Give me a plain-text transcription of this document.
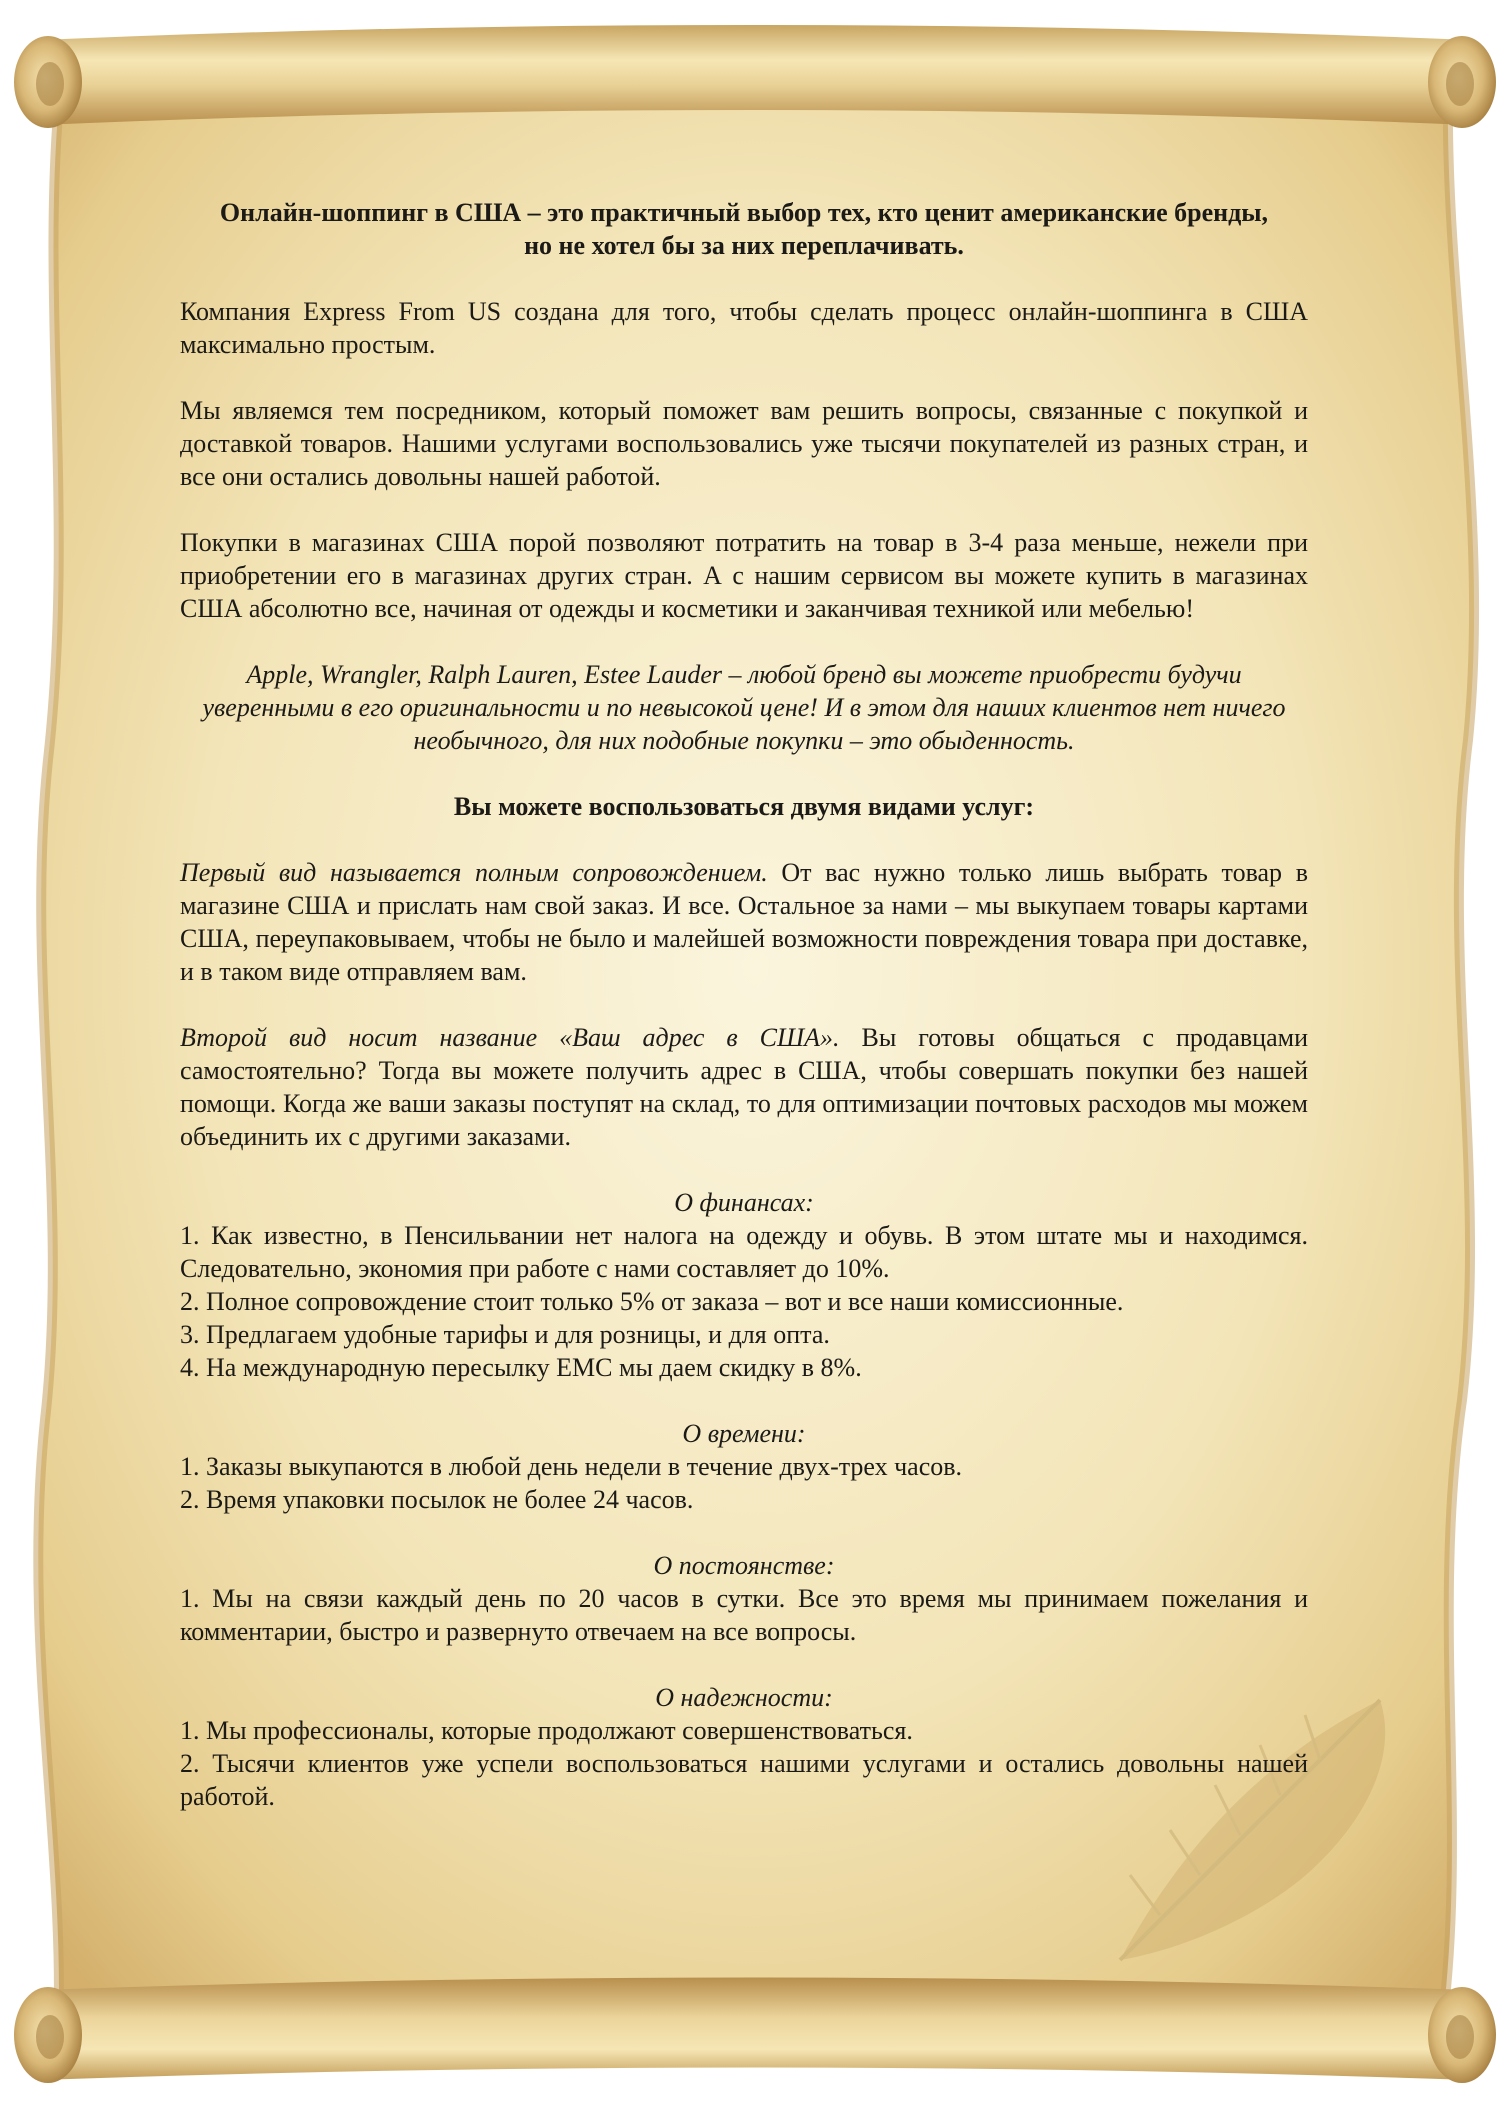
Онлайн-шоппинг в США – это практичный выбор тех, кто ценит американские бренды, но не хотел бы за них переплачивать.

Компания Express From US создана для того, чтобы сделать процесс онлайн-шоппинга в США максимально простым.

Мы являемся тем посредником, который поможет вам решить вопросы, связанные с покупкой и доставкой товаров. Нашими услугами воспользовались уже тысячи покупателей из разных стран, и все они остались довольны нашей работой.

Покупки в магазинах США порой позволяют потратить на товар в 3-4 раза меньше, нежели при приобретении его в магазинах других стран. А с нашим сервисом вы можете купить в магазинах США абсолютно все, начиная от одежды и косметики и заканчивая техникой или мебелью!

Apple, Wrangler, Ralph Lauren, Estee Lauder – любой бренд вы можете приобрести будучи уверенными в его оригинальности и по невысокой цене! И в этом для наших клиентов нет ничего необычного, для них подобные покупки – это обыденность.

Вы можете воспользоваться двумя видами услуг:

Первый вид называется полным сопровождением. От вас нужно только лишь выбрать товар в магазине США и прислать нам свой заказ. И все. Остальное за нами – мы выкупаем товары картами США, переупаковываем, чтобы не было и малейшей возможности повреждения товара при доставке, и в таком виде отправляем вам.

Второй вид носит название «Ваш адрес в США». Вы готовы общаться с продавцами самостоятельно? Тогда вы можете получить адрес в США, чтобы совершать покупки без нашей помощи. Когда же ваши заказы поступят на склад, то для оптимизации почтовых расходов мы можем объединить их с другими заказами.

О финансах:

1. Как известно, в Пенсильвании нет налога на одежду и обувь. В этом штате мы и находимся. Следовательно, экономия при работе с нами составляет до 10%.

2. Полное сопровождение стоит только 5% от заказа – вот и все наши комиссионные.

3. Предлагаем удобные тарифы и для розницы, и для опта.

4. На международную пересылку EMC мы даем скидку в 8%.

О времени:

1. Заказы выкупаются в любой день недели в течение двух-трех часов.

2. Время упаковки посылок не более 24 часов.

О постоянстве:

1. Мы на связи каждый день по 20 часов в сутки. Все это время мы принимаем пожелания и комментарии, быстро и развернуто отвечаем на все вопросы.

О надежности:

1. Мы профессионалы, которые продолжают совершенствоваться.

2. Тысячи клиентов уже успели воспользоваться нашими услугами и остались довольны нашей работой.
